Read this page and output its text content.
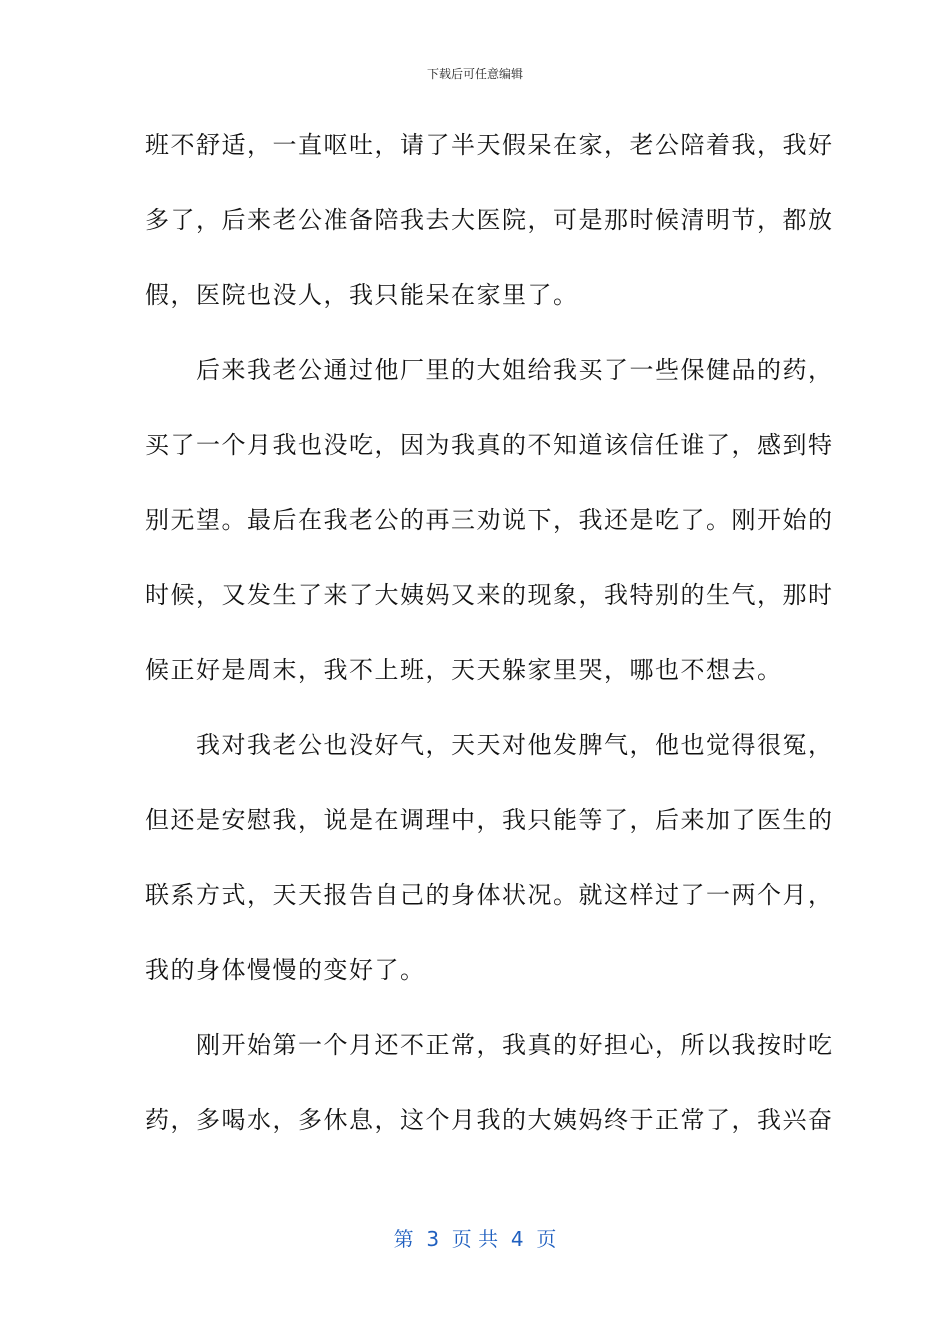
下载后可任意编辑
班不舒适，一直呕吐，请了半天假呆在家，老公陪着我，我好
多了，后来老公准备陪我去大医院，可是那时候清明节，都放
假，医院也没人，我只能呆在家里了。
　　后来我老公通过他厂里的大姐给我买了一些保健品的药，
买了一个月我也没吃，因为我真的不知道该信任谁了，感到特
别无望。最后在我老公的再三劝说下，我还是吃了。刚开始的
时候，又发生了来了大姨妈又来的现象，我特别的生气，那时
候正好是周末，我不上班，天天躲家里哭，哪也不想去。
　　我对我老公也没好气，天天对他发脾气，他也觉得很冤，
但还是安慰我，说是在调理中，我只能等了，后来加了医生的
联系方式，天天报告自己的身体状况。就这样过了一两个月，
我的身体慢慢的变好了。
　　刚开始第一个月还不正常，我真的好担心，所以我按时吃
药，多喝水，多休息，这个月我的大姨妈终于正常了，我兴奋
第  3  页 共  4  页
